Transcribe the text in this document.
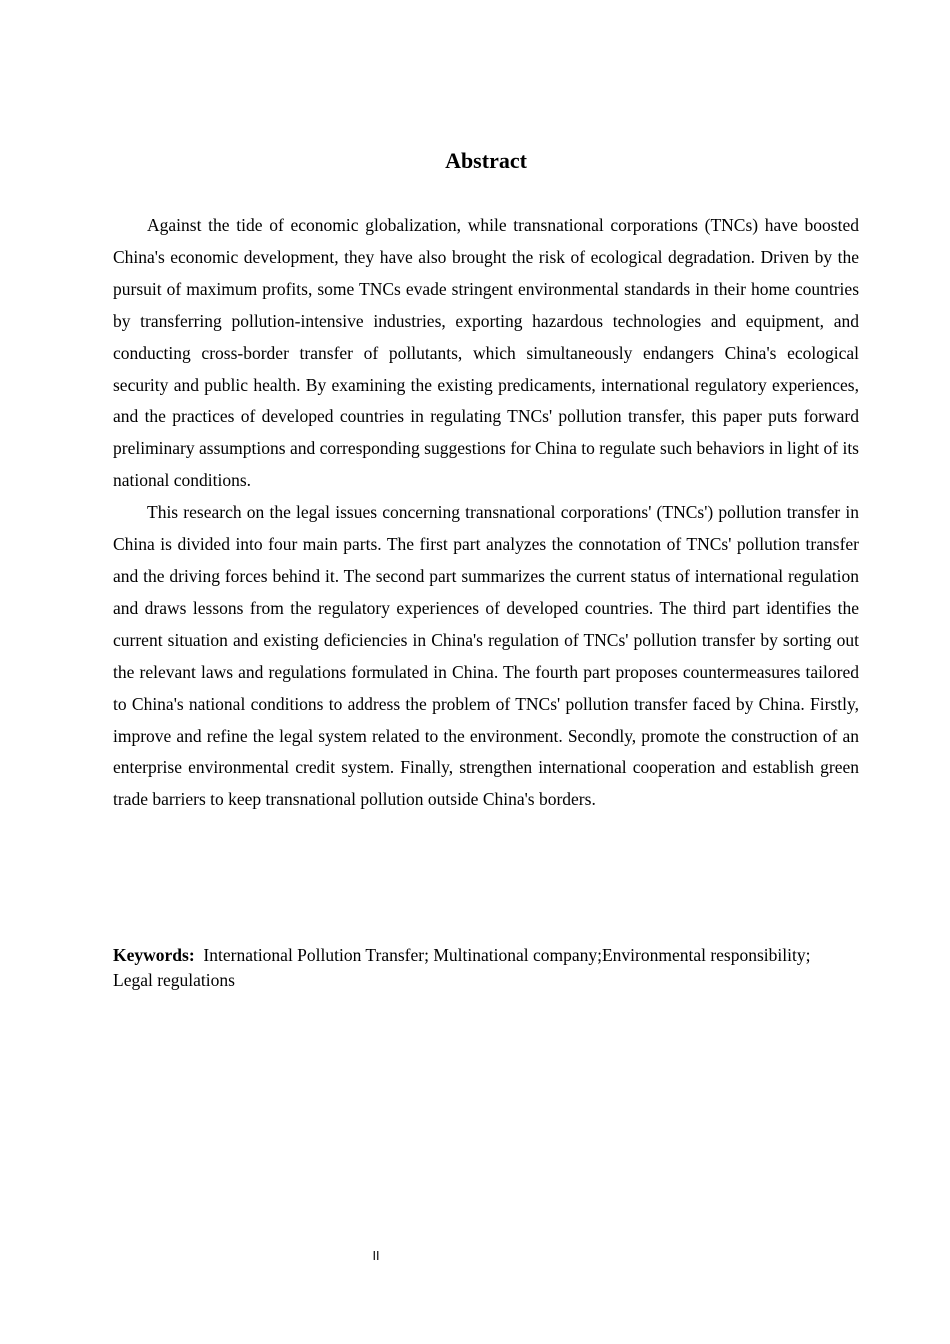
Abstract

Against the tide of economic globalization, while transnational corporations (TNCs) have boosted China's economic development, they have also brought the risk of ecological degradation. Driven by the pursuit of maximum profits, some TNCs evade stringent environmental standards in their home countries by transferring pollution-intensive industries, exporting hazardous technologies and equipment, and conducting cross-border transfer of pollutants, which simultaneously endangers China's ecological security and public health. By examining the existing predicaments, international regulatory experiences, and the practices of developed countries in regulating TNCs' pollution transfer, this paper puts forward preliminary assumptions and corresponding suggestions for China to regulate such behaviors in light of its national conditions.

This research on the legal issues concerning transnational corporations' (TNCs') pollution transfer in China is divided into four main parts. The first part analyzes the connotation of TNCs' pollution transfer and the driving forces behind it. The second part summarizes the current status of international regulation and draws lessons from the regulatory experiences of developed countries. The third part identifies the current situation and existing deficiencies in China's regulation of TNCs' pollution transfer by sorting out the relevant laws and regulations formulated in China. The fourth part proposes countermeasures tailored to China's national conditions to address the problem of TNCs' pollution transfer faced by China. Firstly, improve and refine the legal system related to the environment. Secondly, promote the construction of an enterprise environmental credit system. Finally, strengthen international cooperation and establish green trade barriers to keep transnational pollution outside China's borders.

Keywords: International Pollution Transfer; Multinational company;Environmental responsibility; Legal regulations

II
